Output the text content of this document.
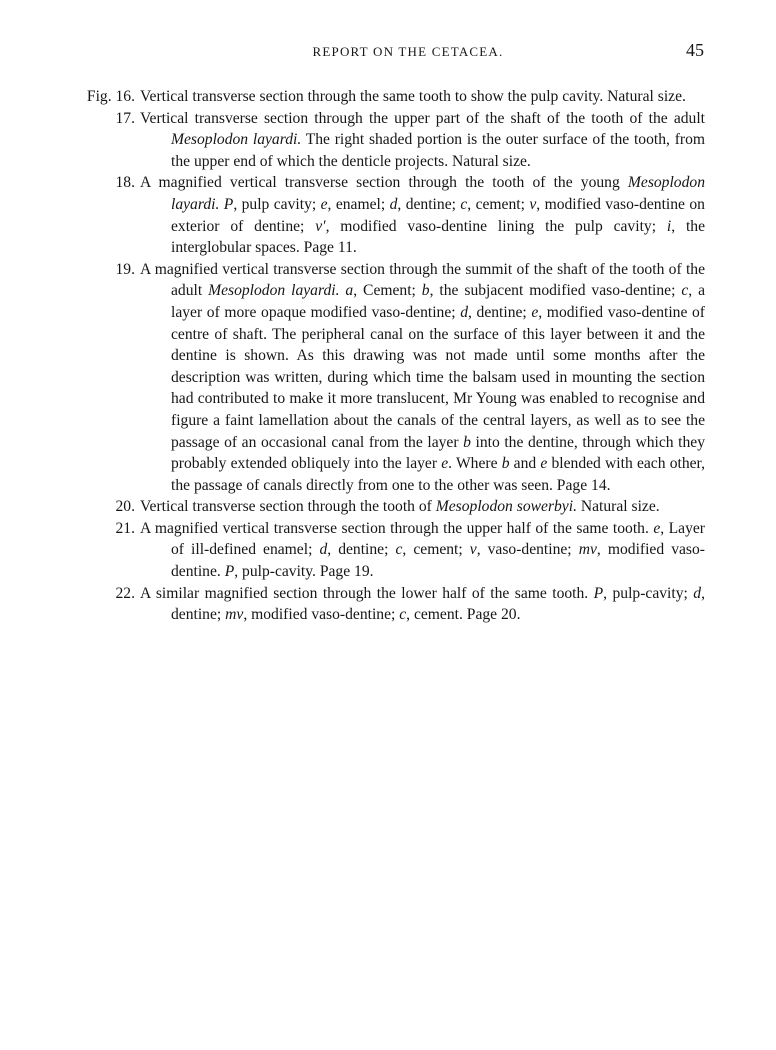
REPORT ON THE CETACEA.	45
Fig. 16. Vertical transverse section through the same tooth to show the pulp cavity. Natural size.
17. Vertical transverse section through the upper part of the shaft of the tooth of the adult Mesoplodon layardi. The right shaded portion is the outer surface of the tooth, from the upper end of which the denticle projects. Natural size.
18. A magnified vertical transverse section through the tooth of the young Mesoplodon layardi. P, pulp cavity; e, enamel; d, dentine; c, cement; v, modified vaso-dentine on exterior of dentine; v′, modified vaso-dentine lining the pulp cavity; i, the interglobular spaces. Page 11.
19. A magnified vertical transverse section through the summit of the shaft of the tooth of the adult Mesoplodon layardi. a, Cement; b, the subjacent modified vaso-dentine; c, a layer of more opaque modified vaso-dentine; d, dentine; e, modified vaso-dentine of centre of shaft. The peripheral canal on the surface of this layer between it and the dentine is shown. As this drawing was not made until some months after the description was written, during which time the balsam used in mounting the section had contributed to make it more translucent, Mr Young was enabled to recognise and figure a faint lamellation about the canals of the central layers, as well as to see the passage of an occasional canal from the layer b into the dentine, through which they probably extended obliquely into the layer e. Where b and e blended with each other, the passage of canals directly from one to the other was seen. Page 14.
20. Vertical transverse section through the tooth of Mesoplodon sowerbyi. Natural size.
21. A magnified vertical transverse section through the upper half of the same tooth. e, Layer of ill-defined enamel; d, dentine; c, cement; v, vaso-dentine; mv, modified vaso-dentine. P, pulp-cavity. Page 19.
22. A similar magnified section through the lower half of the same tooth. P, pulp-cavity; d, dentine; mv, modified vaso-dentine; c, cement. Page 20.
